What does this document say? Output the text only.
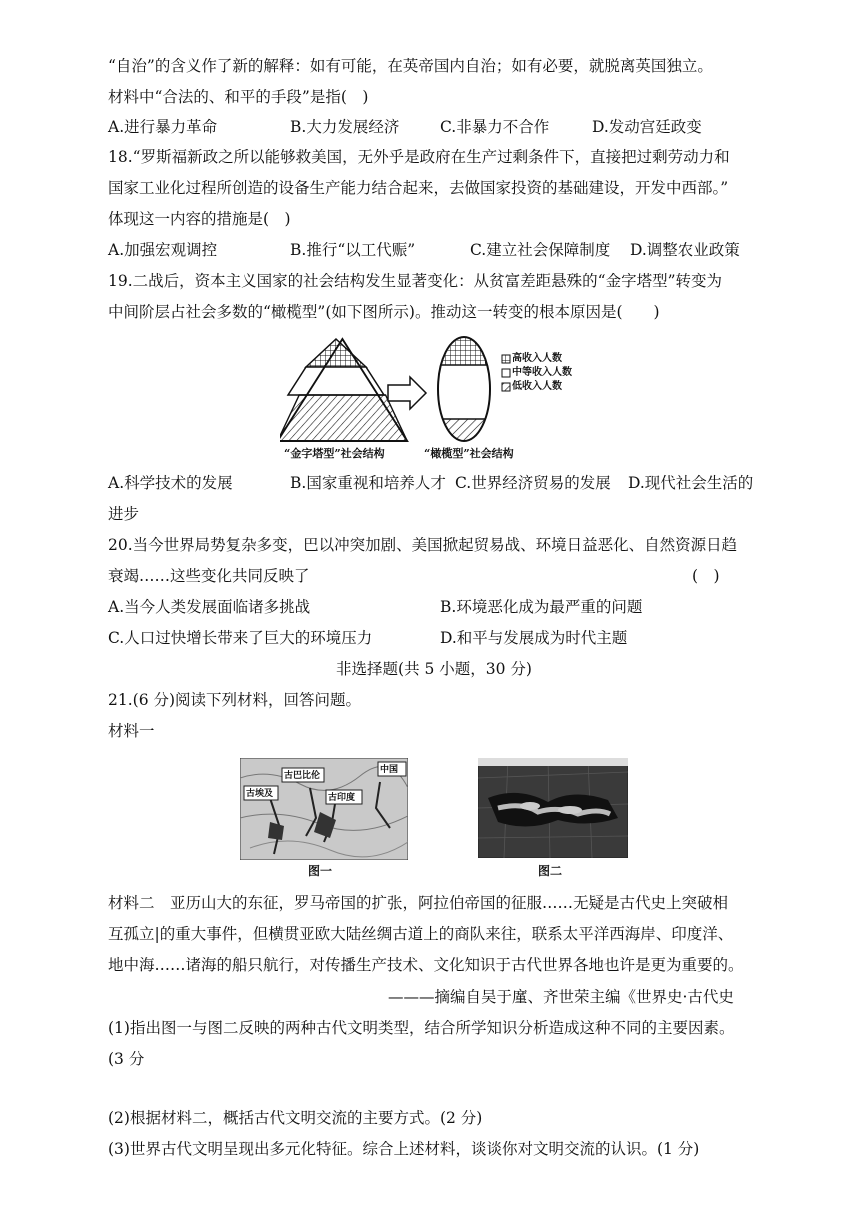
“自治”的含义作了新的解释：如有可能，在英帝国内自治；如有必要，就脱离英国独立。
材料中“合法的、和平的手段”是指(　)
A.进行暴力革命	B.大力发展经济	C.非暴力不合作	D.发动宫廷政变
18.“罗斯福新政之所以能够救美国，无外乎是政府在生产过剩条件下，直接把过剩劳动力和
国家工业化过程所创造的设备生产能力结合起来，去做国家投资的基础建设，开发中西部。”
体现这一内容的措施是(　)
A.加强宏观调控	B.推行“以工代赈”	C.建立社会保障制度 D.调整农业政策
19.二战后，资本主义国家的社会结构发生显著变化：从贫富差距悬殊的“金字塔型”转变为
中间阶层占社会多数的“橄榄型”(如下图所示)。推动这一转变的根本原因是(　　)
高收入人数
中等收入人数
低收入人数
“金字塔型”社会结构	“橄榄型”社会结构
A.科学技术的发展	B.国家重视和培养人才 C.世界经济贸易的发展 D.现代社会生活的
进步
20.当今世界局势复杂多变，巴以冲突加剧、美国掀起贸易战、环境日益恶化、自然资源日趋
衰竭……这些变化共同反映了	(　)
A.当今人类发展面临诸多挑战	B.环境恶化成为最严重的问题
C.人口过快增长带来了巨大的环境压力	D.和平与发展成为时代主题
非选择题(共 5 小题，30 分)
21.(6 分)阅读下列材料，回答问题。
材料一
古巴比伦
中国
古埃及	古印度
图一	图二
材料二　亚历山大的东征，罗马帝国的扩张，阿拉伯帝国的征服……无疑是古代史上突破相
互孤立|的重大事件，但横贯亚欧大陆丝绸古道上的商队来往，联系太平洋西海岸、印度洋、
地中海……诸海的船只航行，对传播生产技术、文化知识于古代世界各地也许是更为重要的。
———摘编自吴于廑、齐世荣主编《世界史·古代史
(1)指出图一与图二反映的两种古代文明类型，结合所学知识分析造成这种不同的主要因素。
(3 分
(2)根据材料二，概括古代文明交流的主要方式。(2 分)
(3)世界古代文明呈现出多元化特征。综合上述材料，谈谈你对文明交流的认识。(1 分)
